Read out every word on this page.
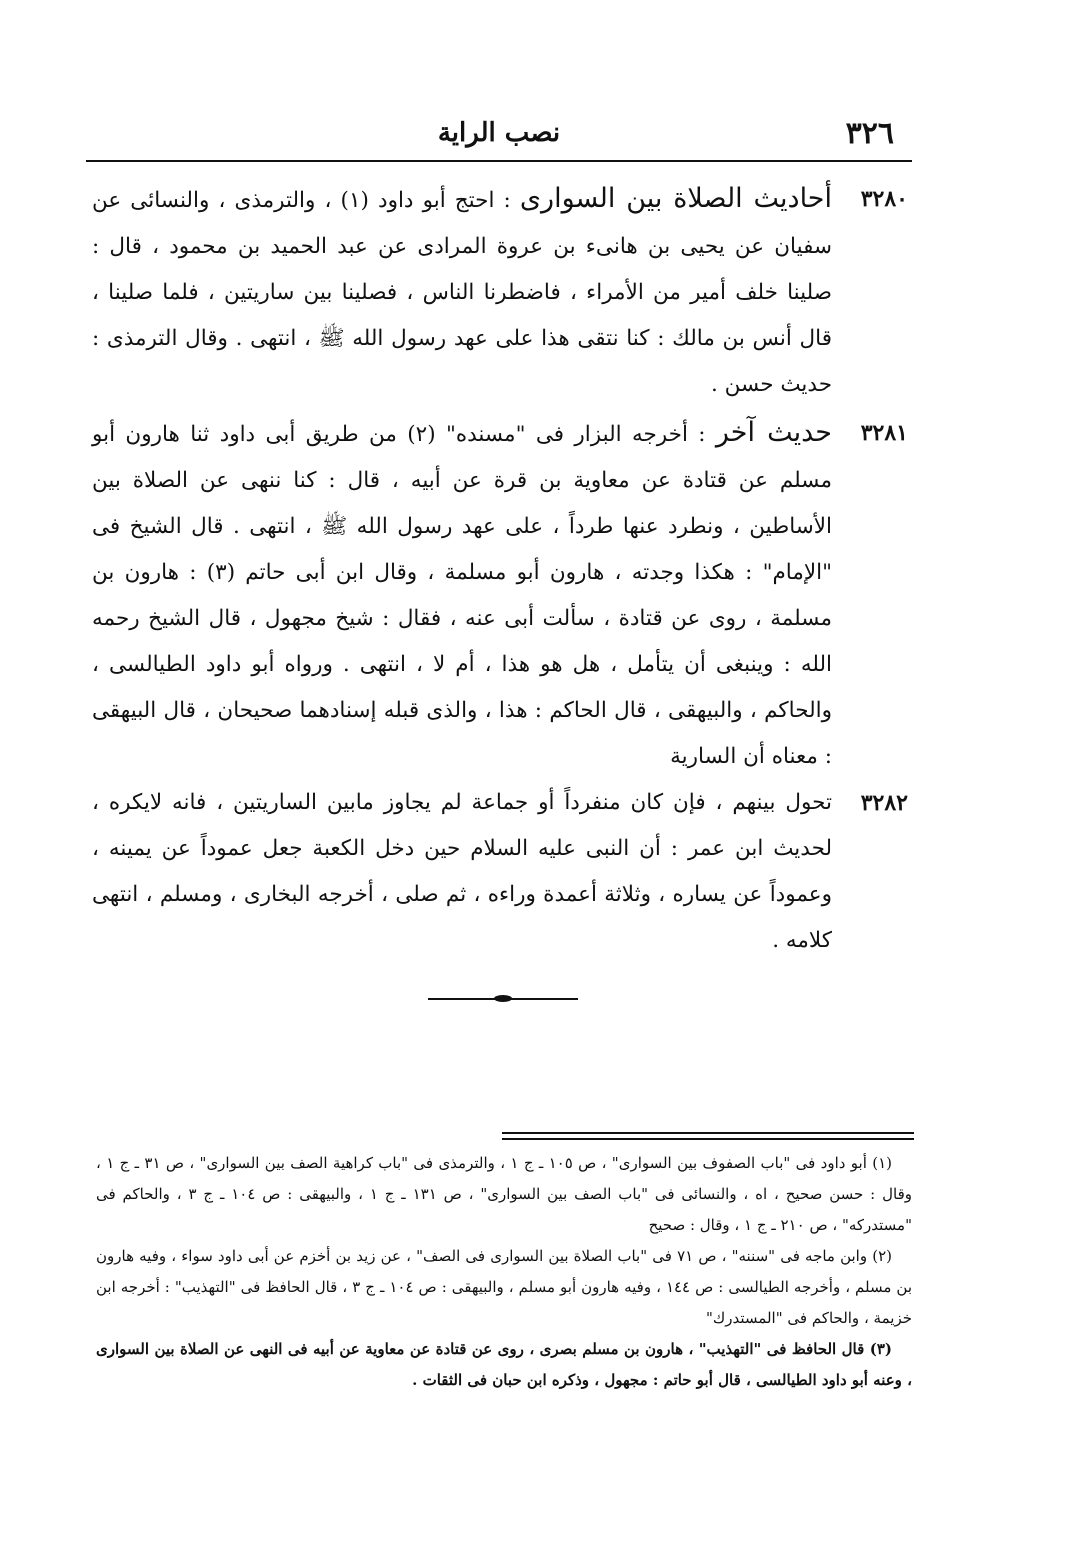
٣٢٦
نصب الراية
٣٢٨٠
أحاديث الصلاة بين السوارى : احتج أبو داود (١) ، والترمذى ، والنسائى عن سفيان عن يحيى بن هانىء بن عروة المرادى عن عبد الحميد بن محمود ، قال : صلينا خلف أمير من الأمراء ، فاضطرنا الناس ، فصلينا بين ساريتين ، فلما صلينا ، قال أنس بن مالك : كنا نتقى هذا على عهد رسول الله ﷺ ، انتهى . وقال الترمذى : حديث حسن .
٣٢٨١
حديث آخر : أخرجه البزار فى "مسنده" (٢) من طريق أبى داود ثنا هارون أبو مسلم عن قتادة عن معاوية بن قرة عن أبيه ، قال : كنا ننهى عن الصلاة بين الأساطين ، ونطرد عنها طرداً ، على عهد رسول الله ﷺ ، انتهى . قال الشيخ فى "الإمام" : هكذا وجدته ، هارون أبو مسلمة ، وقال ابن أبى حاتم (٣) : هارون بن مسلمة ، روى عن قتادة ، سألت أبى عنه ، فقال : شيخ مجهول ، قال الشيخ رحمه الله : وينبغى أن يتأمل ، هل هو هذا ، أم لا ، انتهى . ورواه أبو داود الطيالسى ، والحاكم ، والبيهقى ، قال الحاكم : هذا ، والذى قبله إسنادهما صحيحان ، قال البيهقى : معناه أن السارية
٣٢٨٢
تحول بينهم ، فإن كان منفرداً أو جماعة لم يجاوز مابين الساريتين ، فانه لايكره ، لحديث ابن عمر : أن النبى عليه السلام حين دخل الكعبة جعل عموداً عن يمينه ، وعموداً عن يساره ، وثلاثة أعمدة وراءه ، ثم صلى ، أخرجه البخارى ، ومسلم ، انتهى كلامه .

(١) أبو داود فى "باب الصفوف بين السوارى" ، ص ١٠٥ ـ ج ١ ، والترمذى فى "باب كراهية الصف بين السوارى" ، ص ٣١ ـ ج ١ ، وقال : حسن صحيح ، اه ، والنسائى فى "باب الصف بين السوارى" ، ص ١٣١ ـ ج ١ ، والبيهقى : ص ١٠٤ ـ ج ٣ ، والحاكم فى "مستدركه" ، ص ٢١٠ ـ ج ١ ، وقال : صحيح

(٢) وابن ماجه فى "سننه" ، ص ٧١ فى "باب الصلاة بين السوارى فى الصف" ، عن زيد بن أخزم عن أبى داود سواء ، وفيه هارون بن مسلم ، وأخرجه الطيالسى : ص ١٤٤ ، وفيه هارون أبو مسلم ، والبيهقى : ص ١٠٤ ـ ج ٣ ، قال الحافظ فى "التهذيب" : أخرجه ابن خزيمة ، والحاكم فى "المستدرك"

(٣) قال الحافظ فى "التهذيب" ، هارون بن مسلم بصرى ، روى عن قتادة عن معاوية عن أبيه فى النهى عن الصلاة بين السوارى ، وعنه أبو داود الطيالسى ، قال أبو حاتم : مجهول ، وذكره ابن حبان فى الثقات .
